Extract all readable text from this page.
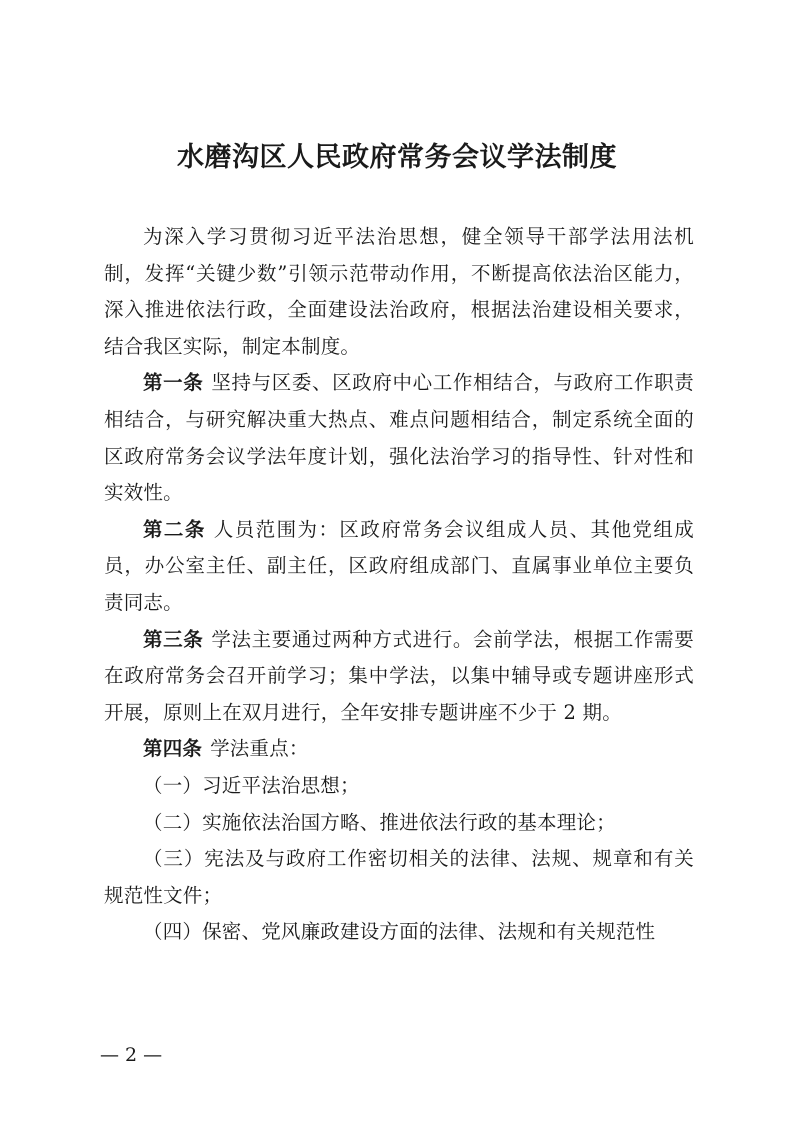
水磨沟区人民政府常务会议学法制度

为深入学习贯彻习近平法治思想，健全领导干部学法用法机制，发挥“关键少数”引领示范带动作用，不断提高依法治区能力，深入推进依法行政，全面建设法治政府，根据法治建设相关要求，结合我区实际，制定本制度。

第一条 坚持与区委、区政府中心工作相结合，与政府工作职责相结合，与研究解决重大热点、难点问题相结合，制定系统全面的区政府常务会议学法年度计划，强化法治学习的指导性、针对性和实效性。

第二条 人员范围为：区政府常务会议组成人员、其他党组成员，办公室主任、副主任，区政府组成部门、直属事业单位主要负责同志。

第三条 学法主要通过两种方式进行。会前学法，根据工作需要在政府常务会召开前学习；集中学法，以集中辅导或专题讲座形式开展，原则上在双月进行，全年安排专题讲座不少于 2 期。

第四条 学法重点：

（一）习近平法治思想；

（二）实施依法治国方略、推进依法行政的基本理论；

（三）宪法及与政府工作密切相关的法律、法规、规章和有关规范性文件；

（四）保密、党风廉政建设方面的法律、法规和有关规范性

— 2 —
